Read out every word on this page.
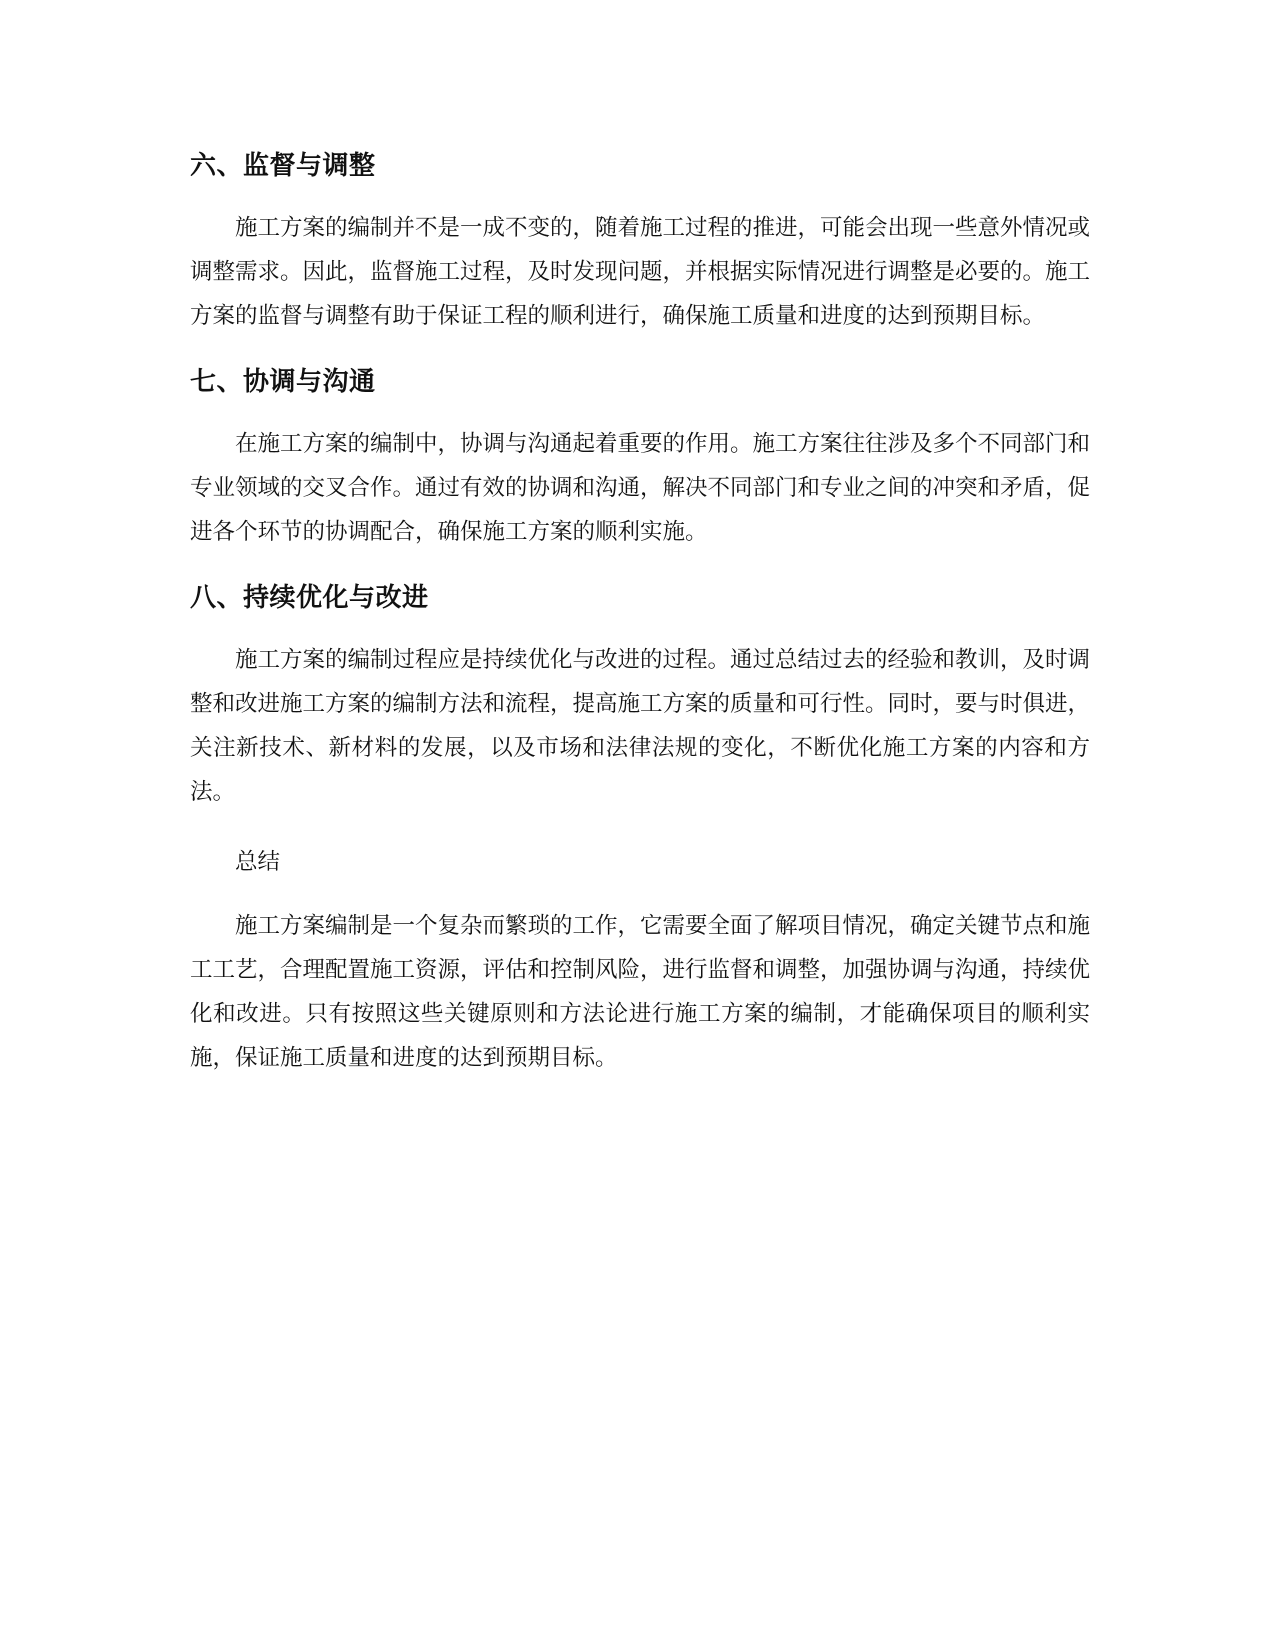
六、监督与调整

施工方案的编制并不是一成不变的，随着施工过程的推进，可能会出现一些意外情况或调整需求。因此，监督施工过程，及时发现问题，并根据实际情况进行调整是必要的。施工方案的监督与调整有助于保证工程的顺利进行，确保施工质量和进度的达到预期目标。

七、协调与沟通

在施工方案的编制中，协调与沟通起着重要的作用。施工方案往往涉及多个不同部门和专业领域的交叉合作。通过有效的协调和沟通，解决不同部门和专业之间的冲突和矛盾，促进各个环节的协调配合，确保施工方案的顺利实施。

八、持续优化与改进

施工方案的编制过程应是持续优化与改进的过程。通过总结过去的经验和教训，及时调整和改进施工方案的编制方法和流程，提高施工方案的质量和可行性。同时，要与时俱进，关注新技术、新材料的发展，以及市场和法律法规的变化，不断优化施工方案的内容和方法。

总结

施工方案编制是一个复杂而繁琐的工作，它需要全面了解项目情况，确定关键节点和施工工艺，合理配置施工资源，评估和控制风险，进行监督和调整，加强协调与沟通，持续优化和改进。只有按照这些关键原则和方法论进行施工方案的编制，才能确保项目的顺利实施，保证施工质量和进度的达到预期目标。
